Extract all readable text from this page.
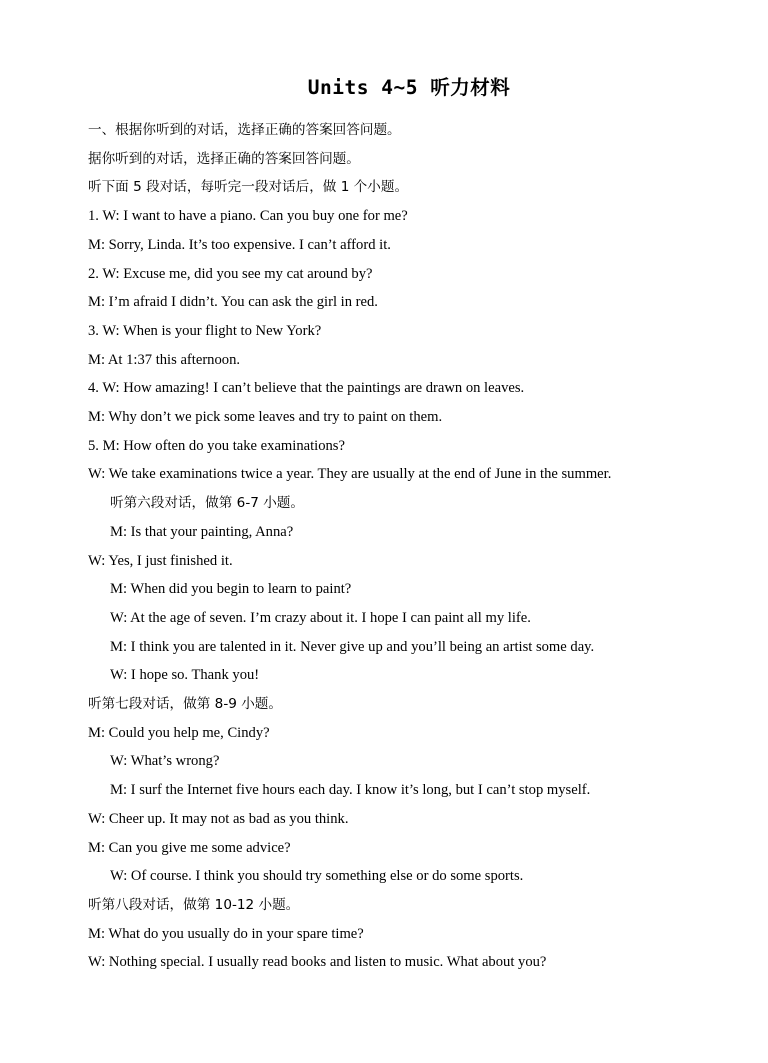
Units 4~5 听力材料

一、根据你听到的对话，选择正确的答案回答问题。

据你听到的对话，选择正确的答案回答问题。

听下面 5 段对话，每听完一段对话后，做 1 个小题。

1. W: I want to have a piano. Can you buy one for me?

M: Sorry, Linda. It’s too expensive. I can’t afford it.

2. W: Excuse me, did you see my cat around by?

M: I’m afraid I didn’t. You can ask the girl in red.

3. W: When is your flight to New York?

M: At 1:37 this afternoon.

4. W: How amazing! I can’t believe that the paintings are drawn on leaves.

M: Why don’t we pick some leaves and try to paint on them.

5. M: How often do you take examinations?

W: We take examinations twice a year. They are usually at the end of June in the summer.

听第六段对话，做第 6-7 小题。

M: Is that your painting, Anna?

W: Yes, I just finished it.

M: When did you begin to learn to paint?

W: At the age of seven. I’m crazy about it. I hope I can paint all my life.

M: I think you are talented in it. Never give up and you’ll being an artist some day.

W: I hope so. Thank you!

听第七段对话，做第 8-9 小题。

M: Could you help me, Cindy?

W: What’s wrong?

M: I surf the Internet five hours each day. I know it’s long, but I can’t stop myself.

W: Cheer up. It may not as bad as you think.

M: Can you give me some advice?

W: Of course. I think you should try something else or do some sports.

听第八段对话，做第 10-12 小题。

M: What do you usually do in your spare time?

W: Nothing special. I usually read books and listen to music. What about you?
